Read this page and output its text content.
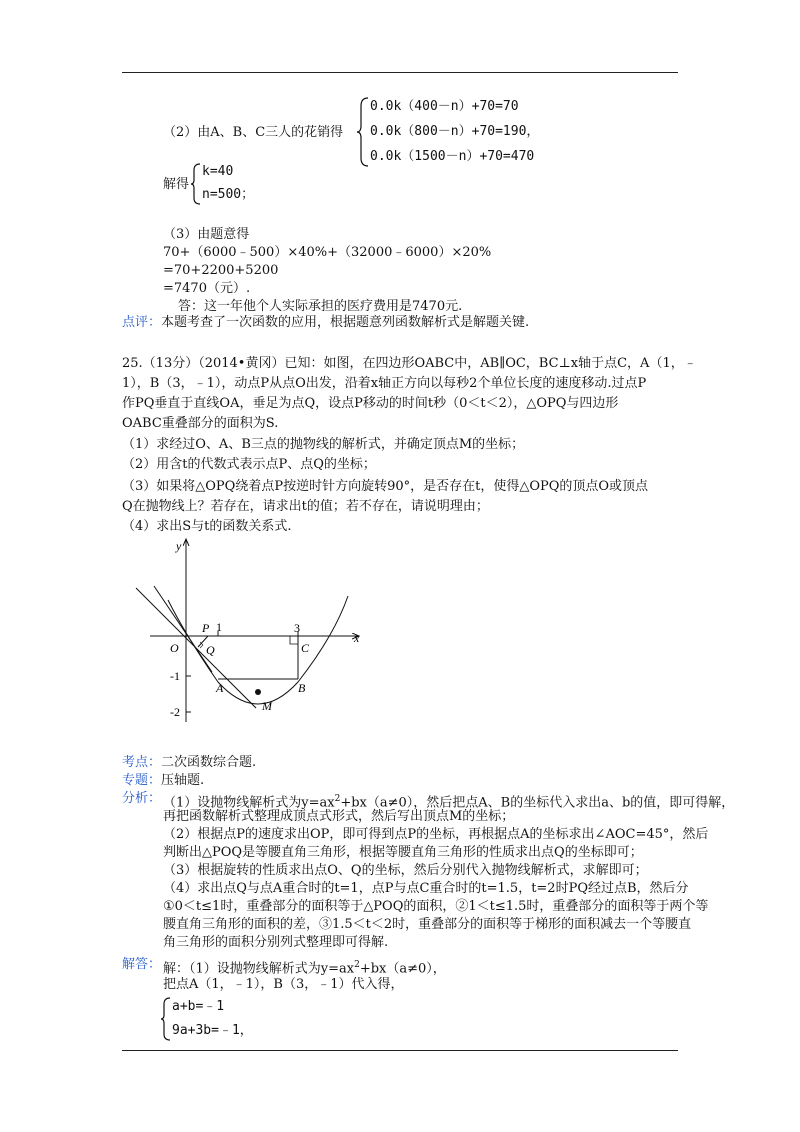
（2）由A、B、C三人的花销得
0.0k（400－n）+70=70
0.0k（800－n）+70=190，
0.0k（1500－n）+70=470
解得
k=40
n=500；
（3）由题意得
70+（6000﹣500）×40%+（32000﹣6000）×20%
=70+2200+5200
=7470（元）.
答：这一年他个人实际承担的医疗费用是7470元.
点评：本题考查了一次函数的应用，根据题意列函数解析式是解题关键.
25.（13分）（2014•黄冈）已知：如图，在四边形OABC中，AB∥OC，BC⊥x轴于点C，A（1，﹣
1），B（3，﹣1），动点P从点O出发，沿着x轴正方向以每秒2个单位长度的速度移动.过点P
作PQ垂直于直线OA，垂足为点Q，设点P移动的时间t秒（0＜t＜2），△OPQ与四边形
OABC重叠部分的面积为S.
（1）求经过O、A、B三点的抛物线的解析式，并确定顶点M的坐标；
（2）用含t的代数式表示点P、点Q的坐标；
（3）如果将△OPQ绕着点P按逆时针方向旋转90°，是否存在t，使得△OPQ的顶点O或顶点
Q在抛物线上？若存在，请求出t的值；若不存在，请说明理由；
（4）求出S与t的函数关系式.
y
x
O
P 1
Q
3
C
-1
A	B
M
-2
考点：二次函数综合题.
专题：压轴题.
分析： （1）设抛物线解析式为$y=ax^2+bx(a\ne 0)$，然后把点A、B的坐标代入求出a、b的值，即可得解，
再把函数解析式整理成顶点式形式，然后写出顶点M的坐标；
（2）根据点P的速度求出OP，即可得到点P的坐标，再根据点A的坐标求出∠AOC=45°，然后
判断出△POQ是等腰直角三角形，根据等腰直角三角形的性质求出点Q的坐标即可；
（3）根据旋转的性质求出点O、Q的坐标，然后分别代入抛物线解析式，求解即可；
（4）求出点Q与点A重合时的t=1，点P与点C重合时的t=1.5，t=2时PQ经过点B，然后分
①0＜t≤1时，重叠部分的面积等于△POQ的面积，②1＜t≤1.5时，重叠部分的面积等于两个等
腰直角三角形的面积的差，③1.5＜t＜2时，重叠部分的面积等于梯形的面积减去一个等腰直
角三角形的面积分别列式整理即可得解.
解答： 解：（1）设抛物线解析式为$y=ax^2+bx(a\ne 0)$，
把点A（1，﹣1），B（3，﹣1）代入得，
a+b=﹣1
9a+3b=﹣1，
